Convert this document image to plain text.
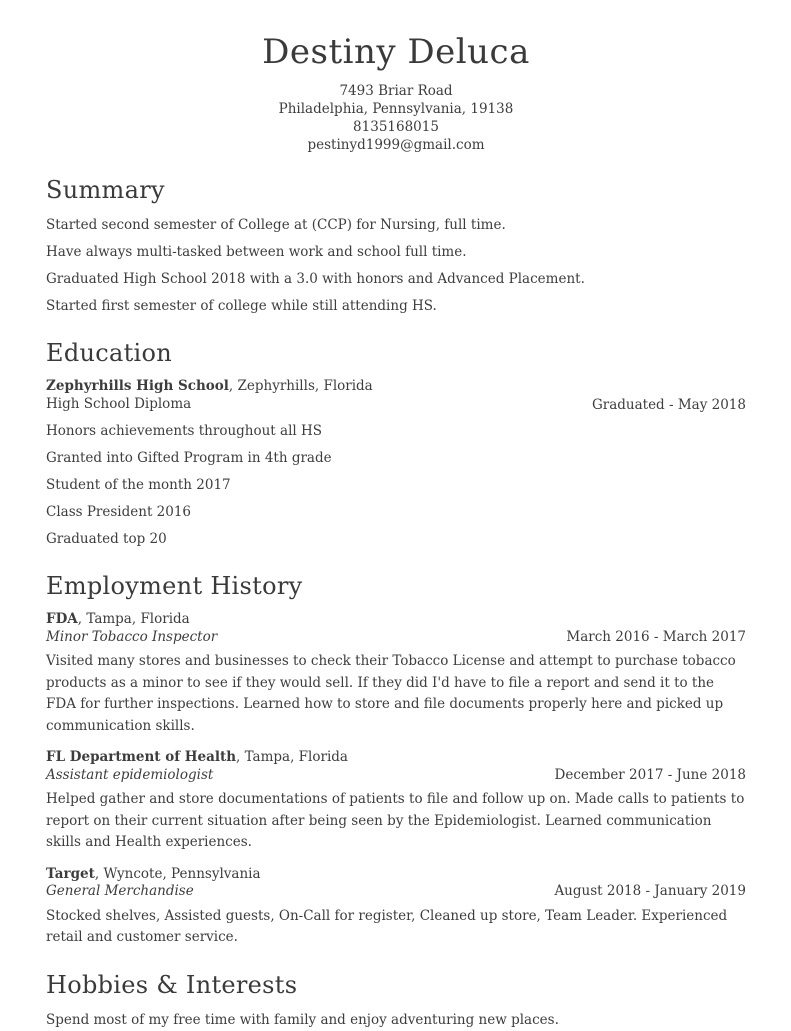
Destiny Deluca
7493 Briar Road
Philadelphia, Pennsylvania, 19138
8135168015
pestinyd1999@gmail.com
Summary

Started second semester of College at (CCP) for Nursing, full time.

Have always multi-tasked between work and school full time.

Graduated High School 2018 with a 3.0 with honors and Advanced Placement.

Started first semester of college while still attending HS.

Education
Zephyrhills High School, Zephyrhills, Florida
High School Diploma	Graduated - May 2018

Honors achievements throughout all HS

Granted into Gifted Program in 4th grade

Student of the month 2017

Class President 2016

Graduated top 20

Employment History
FDA, Tampa, Florida
Minor Tobacco Inspector	March 2016 - March 2017

Visited many stores and businesses to check their Tobacco License and attempt to purchase tobacco products as a minor to see if they would sell. If they did I'd have to file a report and send it to the FDA for further inspections. Learned how to store and file documents properly here and picked up communication skills.

FL Department of Health, Tampa, Florida
Assistant epidemiologist	December 2017 - June 2018

Helped gather and store documentations of patients to file and follow up on. Made calls to patients to report on their current situation after being seen by the Epidemiologist. Learned communication skills and Health experiences.

Target, Wyncote, Pennsylvania
General Merchandise	August 2018 - January 2019

Stocked shelves, Assisted guests, On-Call for register, Cleaned up store, Team Leader. Experienced retail and customer service.

Hobbies & Interests

Spend most of my free time with family and enjoy adventuring new places.
